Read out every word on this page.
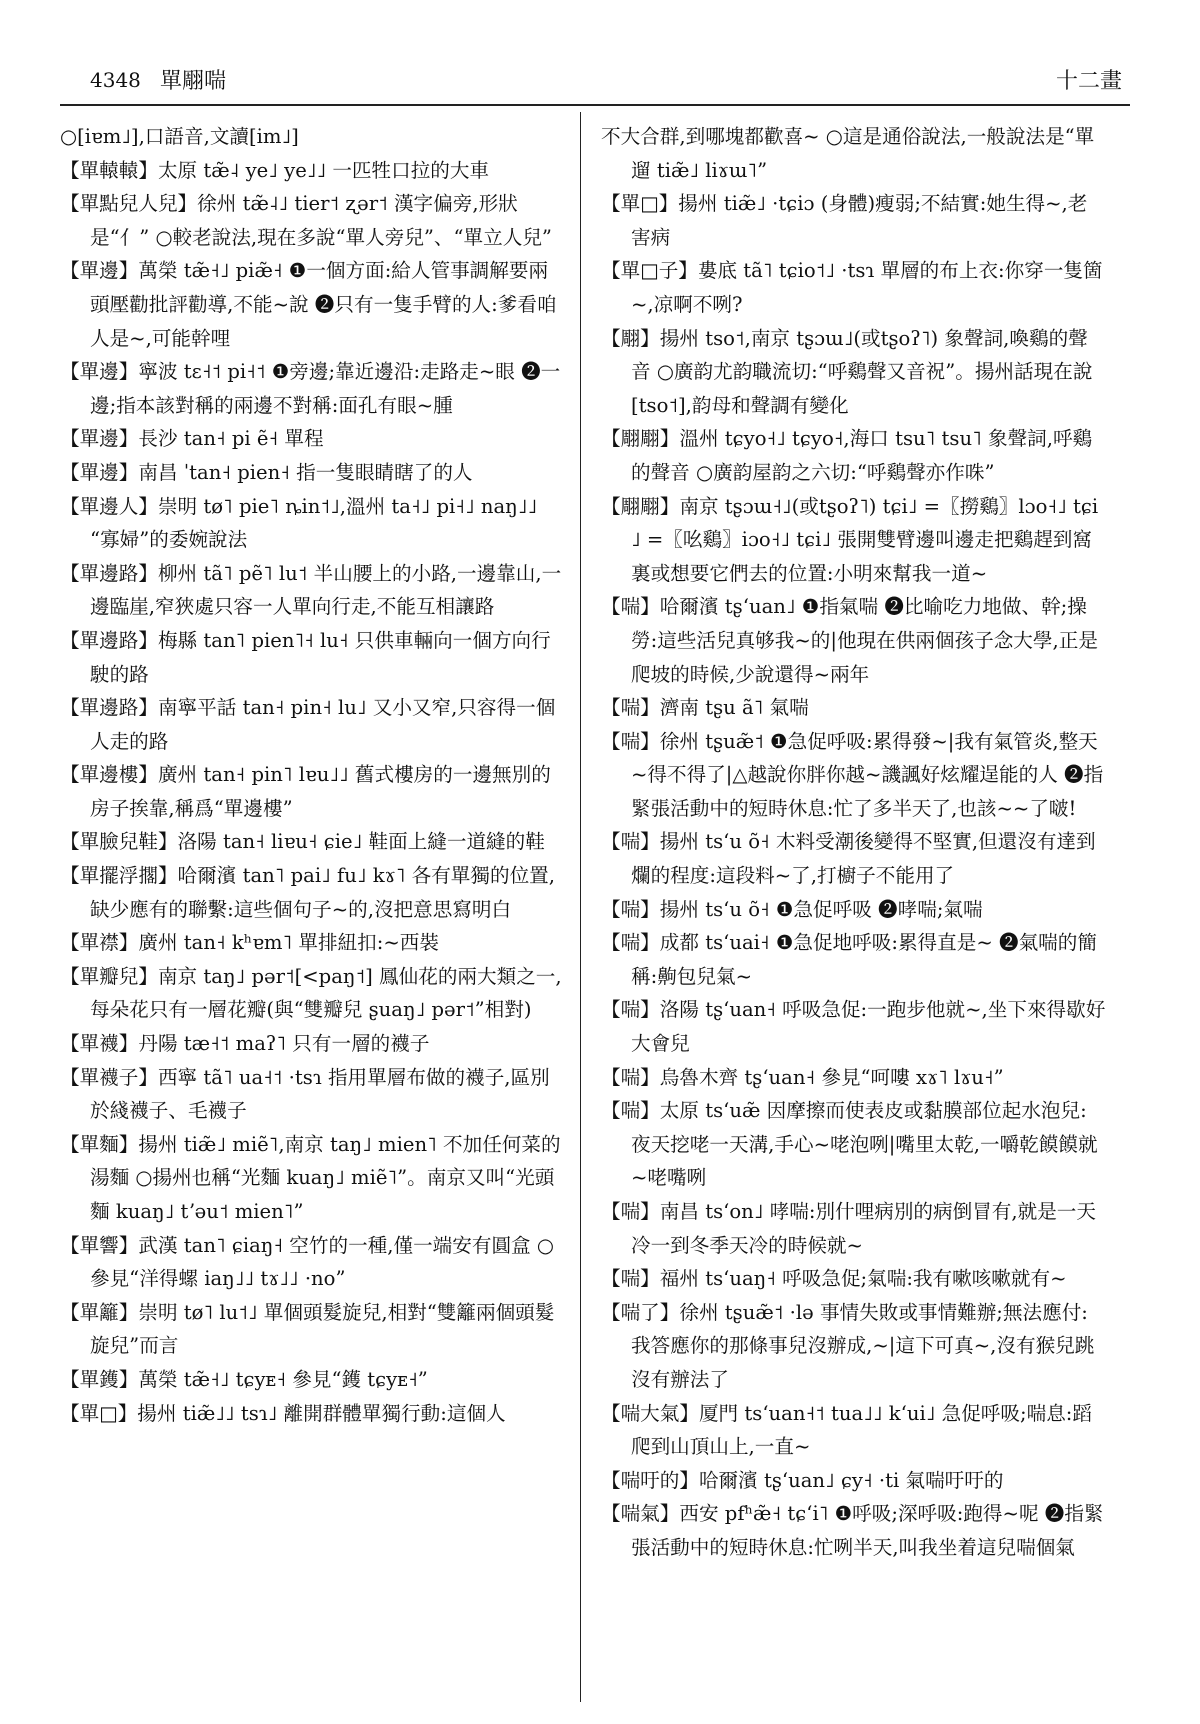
4348 單翢喘	十二畫
○[iɐm˩],口語音,文讀[im˩]
【單轅轅】太原 tæ̃˨ ye˩ ye˩˩ 一匹牲口拉的大車
【單點兒人兒】徐州 tæ̃˨˩ tier˦ ʐər˦ 漢字偏旁,形狀是“亻” ○較老說法,現在多說“單人旁兒”、“單立人兒”
【單邊】萬榮 tæ̃˧˩ piæ̃˧ ❶一個方面:給人管事調解要兩頭壓勸批評勸導,不能~說 ❷只有一隻手臂的人:爹看咱人是~,可能幹哩
【單邊】寧波 tɛ˧˦ pi˧˦ ❶旁邊;靠近邊沿:走路走~眼 ❷一邊;指本該對稱的兩邊不對稱:面孔有眼~腫
【單邊】長沙 tan˧ pi ẽ˧ 單程
【單邊】南昌 ˈtan˧ pien˧ 指一隻眼睛瞎了的人
【單邊人】崇明 tø˥ pie˥ ȵin˦˩,溫州 ta˧˩ pi˧˩ naŋ˩˩ “寡婦”的委婉說法
【單邊路】柳州 tã˥ pẽ˥ lu˦ 半山腰上的小路,一邊靠山,一邊臨崖,窄狹處只容一人單向行走,不能互相讓路
【單邊路】梅縣 tan˥ pien˥˧ lu˧ 只供車輛向一個方向行駛的路
【單邊路】南寧平話 tan˧ pin˧ lu˩ 又小又窄,只容得一個人走的路
【單邊樓】廣州 tan˧ pin˥ lɐu˩˩ 舊式樓房的一邊無別的房子挨靠,稱爲“單邊樓”
【單臉兒鞋】洛陽 tan˧ liɐu˧ ɕie˩ 鞋面上縫一道縫的鞋
【單擺浮擱】哈爾濱 tan˥ pai˩ fu˩ kɤ˥ 各有單獨的位置,缺少應有的聯繫:這些個句子~的,沒把意思寫明白
【單襟】廣州 tan˧ kʰɐm˥ 單排紐扣:~西裝
【單瓣兒】南京 taŋ˩ pər˦[<paŋ˦] 鳳仙花的兩大類之一,每朵花只有一層花瓣(與“雙瓣兒 ʂuaŋ˩ pər˦”相對)
【單襪】丹陽 tæ˧˦ maʔ˥ 只有一層的襪子
【單襪子】西寧 tã˥ ua˧˦ ·tsɿ 指用單層布做的襪子,區別於綫襪子、毛襪子
【單麵】揚州 tiæ̃˩ miẽ˥,南京 taŋ˩ mien˥ 不加任何菜的湯麵 ○揚州也稱“光麵 kuaŋ˩ miẽ˥”。南京又叫“光頭麵 kuaŋ˩ tʼəu˦ mien˥”
【單響】武漢 tan˥ ɕiaŋ˧ 空竹的一種,僅一端安有圓盒 ○參見“洋得螺 iaŋ˩˩ tɤ˩˩ ·no”
【單籬】崇明 tø˥ lu˦˩ 單個頭髮旋兒,相對“雙籬兩個頭髮旋兒”而言
【單鑊】萬榮 tæ̃˧˩ tɕyᴇ˧ 參見“鑊 tɕyᴇ˧”
【單□】揚州 tiæ̃˩˩ tsɿ˩ 離開群體單獨行動:這個人
不大合群,到哪塊都歡喜~ ○這是通俗說法,一般說法是“單遛 tiæ̃˩ liɤɯ˥”
【單□】揚州 tiæ̃˩ ·tɕiɔ (身體)瘦弱;不結實:她生得~,老害病
【單□子】婁底 tã˥ tɕio˦˩ ·tsɿ 單層的布上衣:你穿一隻箇~,凉啊不咧?
【翢】揚州 tso˦,南京 tʂɔɯ˩(或tʂoʔ˥) 象聲詞,喚鷄的聲音 ○廣韵尤韵職流切:“呼鷄聲又音祝”。揚州話現在說[tso˦],韵母和聲調有變化
【翢翢】溫州 tɕyo˧˩ tɕyo˧,海口 tsu˥ tsu˥ 象聲詞,呼鷄的聲音 ○廣韵屋韵之六切:“呼鷄聲亦作咮”
【翢翢】南京 tʂɔɯ˧˩(或tʂoʔ˥) tɕi˩ =〖撈鷄〗lɔo˧˩ tɕi˩ =〖吆鷄〗iɔo˧˩ tɕi˩ 張開雙臂邊叫邊走把鷄趕到窩裏或想要它們去的位置:小明來幫我一道~
【喘】哈爾濱 tʂʻuan˩ ❶指氣喘 ❷比喻吃力地做、幹;操勞:這些活兒真够我~的|他現在供兩個孩子念大學,正是爬坡的時候,少說還得~兩年
【喘】濟南 tʂu ã˥ 氣喘
【喘】徐州 tʂuæ̃˦ ❶急促呼吸:累得發~|我有氣管炎,整天~得不得了|△越說你胖你越~譏諷好炫耀逞能的人 ❷指緊張活動中的短時休息:忙了多半天了,也該~~了啵!
【喘】揚州 tsʻu õ˧ 木料受潮後變得不堅實,但還沒有達到爛的程度:這段料~了,打櫥子不能用了
【喘】揚州 tsʻu õ˧ ❶急促呼吸 ❷哮喘;氣喘
【喘】成都 tsʻuai˧ ❶急促地呼吸:累得直是~ ❷氣喘的簡稱:齁包兒氣~
【喘】洛陽 tʂʻuan˧ 呼吸急促:一跑步他就~,坐下來得歇好大會兒
【喘】烏魯木齊 tʂʻuan˧ 參見“呵嘍 xɤ˥ lɤu˧”
【喘】太原 tsʻuæ̃ 因摩擦而使表皮或黏膜部位起水泡兒:夜天挖咾一天溝,手心~咾泡咧|嘴里太乾,一嚼乾饃饃就~咾嘴咧
【喘】南昌 tsʻon˩ 哮喘:別什哩病別的病倒冒有,就是一天冷一到冬季天冷的時候就~
【喘】福州 tsʻuaŋ˧ 呼吸急促;氣喘:我有嗽咳嗽就有~
【喘了】徐州 tʂuæ̃˦ ·lə 事情失敗或事情難辦;無法應付:我答應你的那條事兒沒辦成,~|這下可真~,沒有猴兒跳沒有辦法了
【喘大氣】厦門 tsʻuan˧˦ tua˩˩ kʻui˩ 急促呼吸;喘息:蹈爬到山頂山上,一直~
【喘吁的】哈爾濱 tʂʻuan˩ ɕy˧ ·ti 氣喘吁吁的
【喘氣】西安 pfʰæ̃˧ tɕʻi˥ ❶呼吸;深呼吸:跑得~呢 ❷指緊張活動中的短時休息:忙咧半天,叫我坐着這兒喘個氣
